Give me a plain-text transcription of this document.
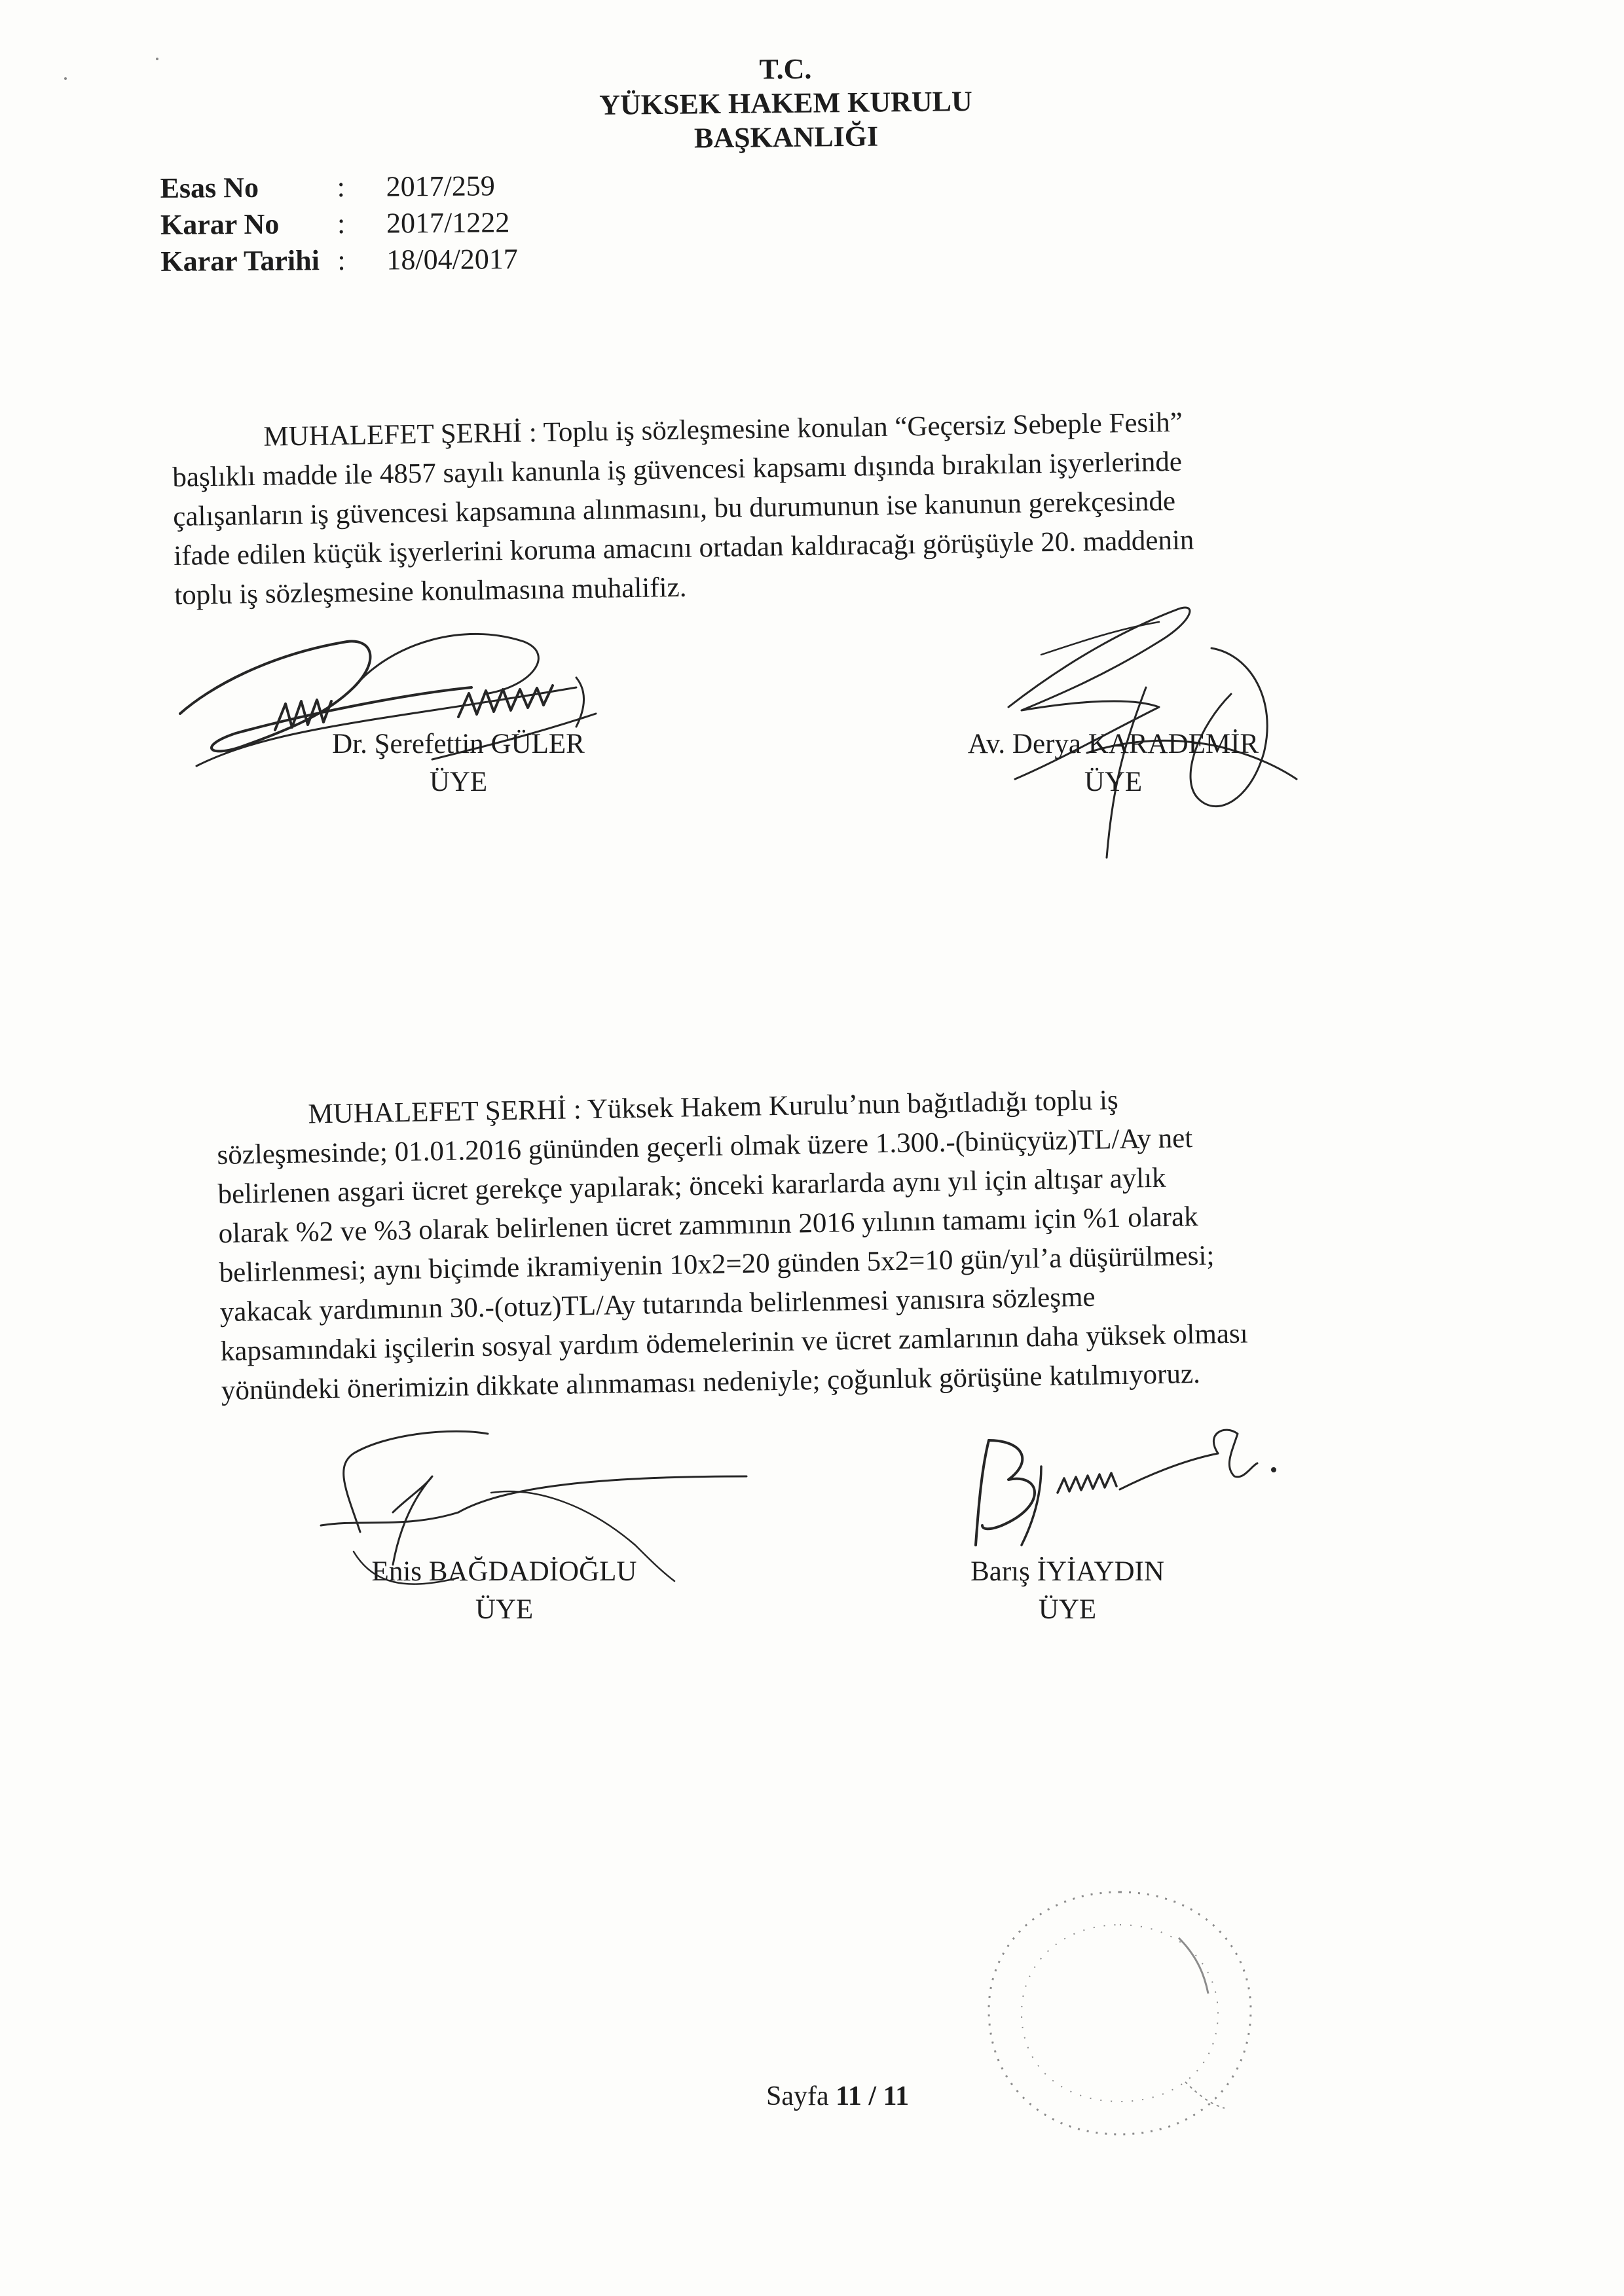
T.C.
YÜKSEK HAKEM KURULU
BAŞKANLIĞI
Esas No	:	2017/259
Karar No	:	2017/1222
Karar Tarihi :	18/04/2017
MUHALEFET ŞERHİ : Toplu iş sözleşmesine konulan “Geçersiz Sebeple Fesih”
başlıklı madde ile 4857 sayılı kanunla iş güvencesi kapsamı dışında bırakılan işyerlerinde
çalışanların iş güvencesi kapsamına alınmasını, bu durumunun ise kanunun gerekçesinde
ifade edilen küçük işyerlerini koruma amacını ortadan kaldıracağı görüşüyle 20. maddenin
toplu iş sözleşmesine konulmasına muhalifiz.
Dr. Şerefettin GÜLER
ÜYE
Av. Derya KARADEMİR
ÜYE
MUHALEFET ŞERHİ : Yüksek Hakem Kurulu’nun bağıtladığı toplu iş
sözleşmesinde; 01.01.2016 gününden geçerli olmak üzere 1.300.-(binüçyüz)TL/Ay net
belirlenen asgari ücret gerekçe yapılarak; önceki kararlarda aynı yıl için altışar aylık
olarak %2 ve %3 olarak belirlenen ücret zammının 2016 yılının tamamı için %1 olarak
belirlenmesi; aynı biçimde ikramiyenin 10x2=20 günden 5x2=10 gün/yıl’a düşürülmesi;
yakacak yardımının 30.-(otuz)TL/Ay tutarında belirlenmesi yanısıra sözleşme
kapsamındaki işçilerin sosyal yardım ödemelerinin ve ücret zamlarının daha yüksek olması
yönündeki önerimizin dikkate alınmaması nedeniyle; çoğunluk görüşüne katılmıyoruz.
Enis BAĞDADİOĞLU
ÜYE
Barış İYİAYDIN
ÜYE
Sayfa 11 / 11
